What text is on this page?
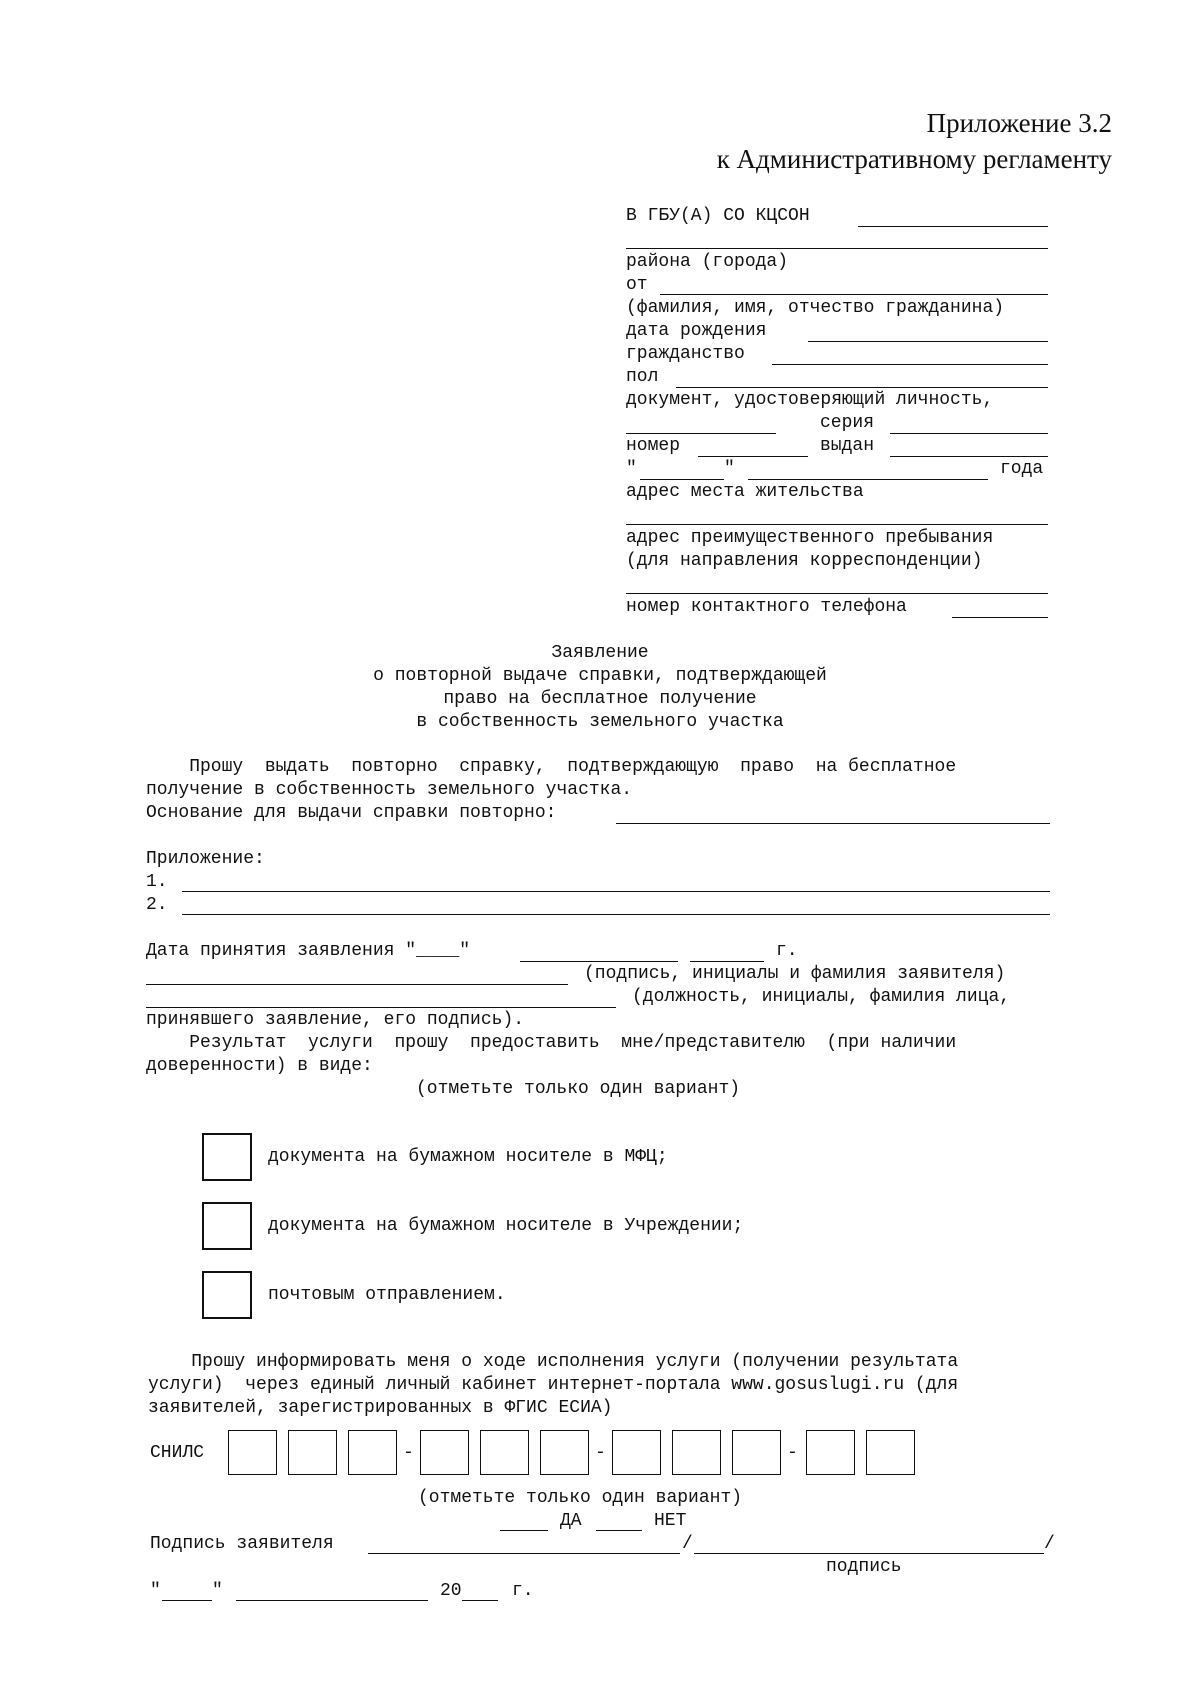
Приложение 3.2
к Административному регламенту
В ГБУ(А) СО КЦСОН
района (города)
от
(фамилия, имя, отчество гражданина)
дата рождения
гражданство
пол
документ, удостоверяющий личность,
серия
номер	выдан
"	"	года
адрес места жительства
адрес преимущественного пребывания
(для направления корреспонденции)
номер контактного телефона
Заявление
о повторной выдаче справки, подтверждающей
право на бесплатное получение
в собственность земельного участка
Прошу  выдать  повторно  справку,  подтверждающую  право  на бесплатное
получение в собственность земельного участка.
Основание для выдачи справки повторно:
Приложение:
1.
2.
Дата принятия заявления "____"	г.
(подпись, инициалы и фамилия заявителя)
(должность, инициалы, фамилия лица,
принявшего заявление, его подпись).
Результат  услуги  прошу  предоставить  мне/представителю  (при наличии
доверенности) в виде:
(отметьте только один вариант)
документа на бумажном носителе в МФЦ;
документа на бумажном носителе в Учреждении;
почтовым отправлением.
Прошу информировать меня о ходе исполнения услуги (получении результата
услуги)  через единый личный кабинет интернет-портала www.gosuslugi.ru (для
заявителей, зарегистрированных в ФГИС ЕСИА)
СНИЛС	-	-	-
(отметьте только один вариант)
ДА	НЕТ
Подпись заявителя	/	/
подпись
"	"	20	г.
